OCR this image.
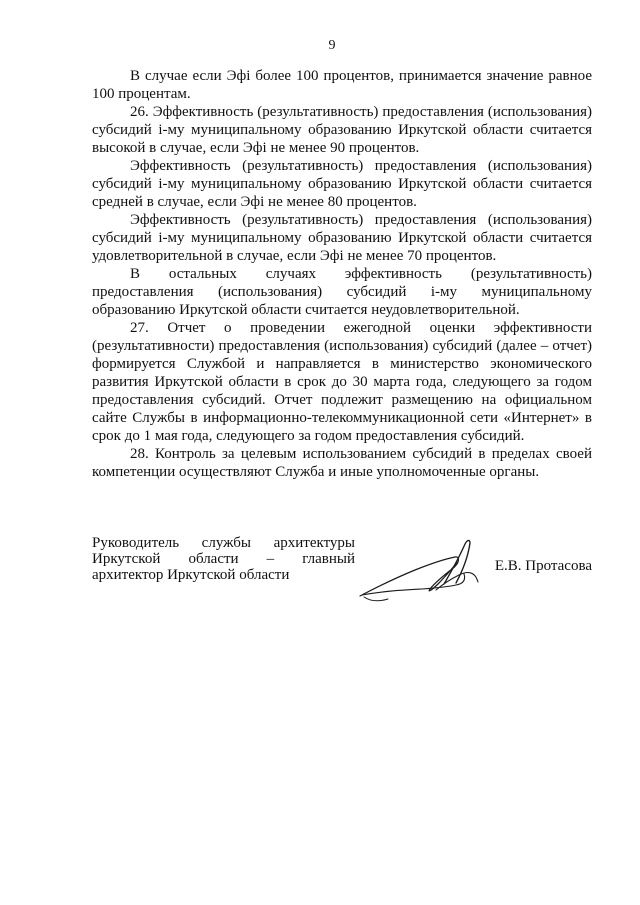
9

В случае если Эфі более 100 процентов, принимается значение равное 100 процентам.

26. Эффективность (результативность) предоставления (использования) субсидий i-му муниципальному образованию Иркутской области считается высокой в случае, если Эфі не менее 90 процентов.

Эффективность (результативность) предоставления (использования) субсидий i-му муниципальному образованию Иркутской области считается средней в случае, если Эфі не менее 80 процентов.

Эффективность (результативность) предоставления (использования) субсидий i-му муниципальному образованию Иркутской области считается удовлетворительной в случае, если Эфі не менее 70 процентов.

В остальных случаях эффективность (результативность) предоставления (использования) субсидий i-му муниципальному образованию Иркутской области считается неудовлетворительной.

27. Отчет о проведении ежегодной оценки эффективности (результативности) предоставления (использования) субсидий (далее – отчет) формируется Службой и направляется в министерство экономического развития Иркутской области в срок до 30 марта года, следующего за годом предоставления субсидий. Отчет подлежит размещению на официальном сайте Службы в информационно-телекоммуникационной сети «Интернет» в срок до 1 мая года, следующего за годом предоставления субсидий.

28. Контроль за целевым использованием субсидий в пределах своей компетенции осуществляют Служба и иные уполномоченные органы.

Руководитель службы архитектуры Иркутской области – главный архитектор Иркутской области
Е.В. Протасова
